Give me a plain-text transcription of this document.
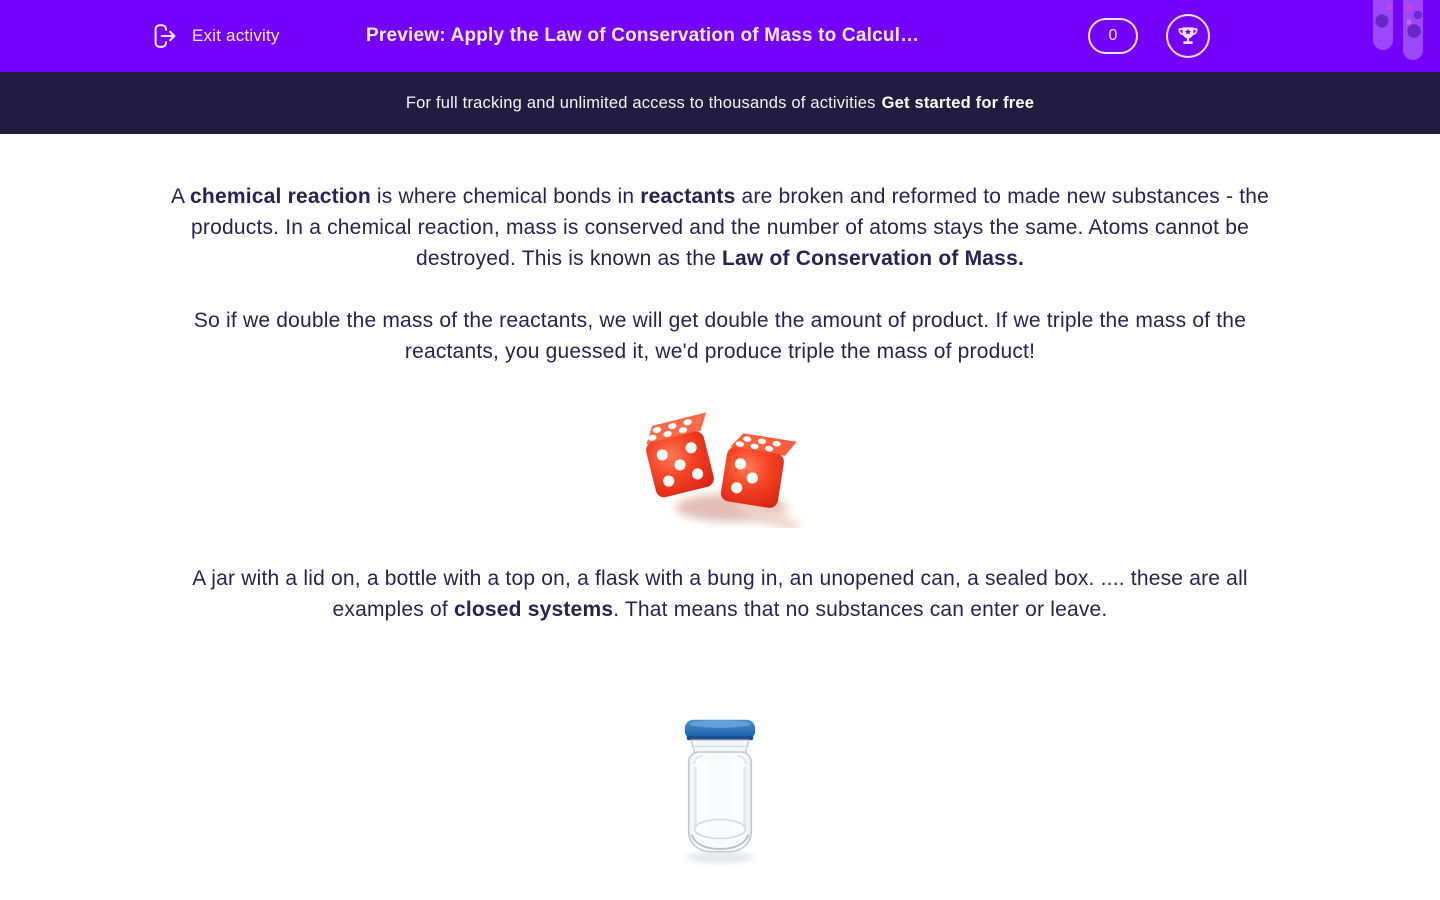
Exit activity	Preview: Apply the Law of Conservation of Mass to Calcul…	0
For full tracking and unlimited access to thousands of activities Get started for free

A chemical reaction is where chemical bonds in reactants are broken and reformed to made new substances - the products. In a chemical reaction, mass is conserved and the number of atoms stays the same. Atoms cannot be destroyed. This is known as the Law of Conservation of Mass.

So if we double the mass of the reactants, we will get double the amount of product. If we triple the mass of the reactants, you guessed it, we'd produce triple the mass of product!

A jar with a lid on, a bottle with a top on, a flask with a bung in, an unopened can, a sealed box. .... these are all examples of closed systems. That means that no substances can enter or leave.
